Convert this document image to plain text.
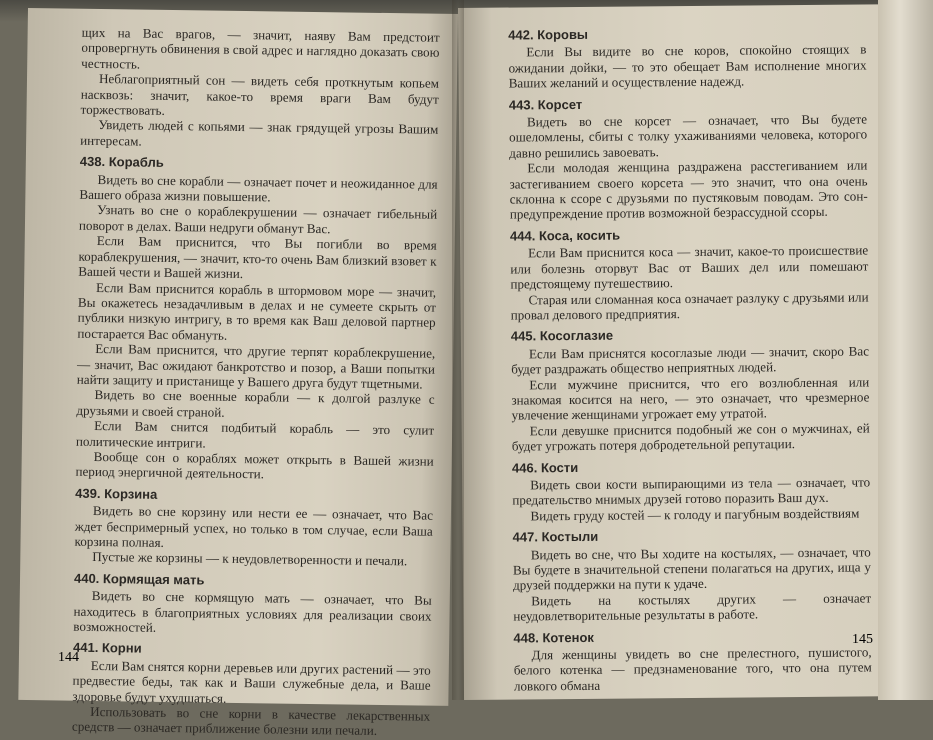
щих на Вас врагов, — значит, наяву Вам предстоит опровергнуть обвинения в свой адрес и наглядно доказать свою честность.

Неблагоприятный сон — видеть себя проткнутым копьем насквозь: значит, какое-то время враги Вам будут торжествовать.

Увидеть людей с копьями — знак грядущей угрозы Вашим интересам.

438. Корабль

Видеть во сне корабли — означает почет и неожиданное для Вашего образа жизни повышение.

Узнать во сне о кораблекрушении — означает гибельный поворот в делах. Ваши недруги обманут Вас.

Если Вам приснится, что Вы погибли во время кораблекрушения, — значит, кто-то очень Вам близкий взовет к Вашей чести и Вашей жизни.

Если Вам приснится корабль в штормовом море — значит, Вы окажетесь незадачливым в делах и не сумеете скрыть от публики низкую интригу, в то время как Ваш деловой партнер постарается Вас обмануть.

Если Вам приснится, что другие терпят кораблекрушение, — значит, Вас ожидают банкротство и позор, а Ваши попытки найти защиту и пристанище у Вашего друга будут тщетными.

Видеть во сне военные корабли — к долгой разлуке с друзьями и своей страной.

Если Вам снится подбитый корабль — это сулит политические интриги.

Вообще сон о кораблях может открыть в Вашей жизни период энергичной деятельности.

439. Корзина

Видеть во сне корзину или нести ее — означает, что Вас ждет беспримерный успех, но только в том случае, если Ваша корзина полная.

Пустые же корзины — к неудовлетворенности и печали.

440. Кормящая мать

Видеть во сне кормящую мать — означает, что Вы находитесь в благоприятных условиях для реализации своих возможностей.

441. Корни

Если Вам снятся корни деревьев или других растений — это предвестие беды, так как и Ваши служебные дела, и Ваше здоровье будут ухудшаться.

Использовать во сне корни в качестве лекарственных средств — означает приближение болезни или печали.

442. Коровы

Если Вы видите во сне коров, спокойно стоящих в ожидании дойки, — то это обещает Вам исполнение многих Ваших желаний и осуществление надежд.

443. Корсет

Видеть во сне корсет — означает, что Вы будете ошеломлены, сбиты с толку ухаживаниями человека, которого давно решились завоевать.

Если молодая женщина раздражена расстегиванием или застегиванием своего корсета — это значит, что она очень склонна к ссоре с друзьями по пустяковым поводам. Это сон-предупреждение против возможной безрассудной ссоры.

444. Коса, косить

Если Вам приснится коса — значит, какое-то происшествие или болезнь оторвут Вас от Ваших дел или помешают предстоящему путешествию.

Старая или сломанная коса означает разлуку с друзьями или провал делового предприятия.

445. Косоглазие

Если Вам приснятся косоглазые люди — значит, скоро Вас будет раздражать общество неприятных людей.

Если мужчине приснится, что его возлюбленная или знакомая косится на него, — это означает, что чрезмерное увлечение женщинами угрожает ему утратой.

Если девушке приснится подобный же сон о мужчинах, ей будет угрожать потеря добродетельной репутации.

446. Кости

Видеть свои кости выпирающими из тела — означает, что предательство мнимых друзей готово поразить Ваш дух.

Видеть груду костей — к голоду и пагубным воздействиям

447. Костыли

Видеть во сне, что Вы ходите на костылях, — означает, что Вы будете в значительной степени полагаться на других, ища у друзей поддержки на пути к удаче.

Видеть на костылях других — означает неудовлетворительные результаты в работе.

448. Котенок

Для женщины увидеть во сне прелестного, пушистого, белого котенка — предзнаменование того, что она путем ловкого обмана

144
145
